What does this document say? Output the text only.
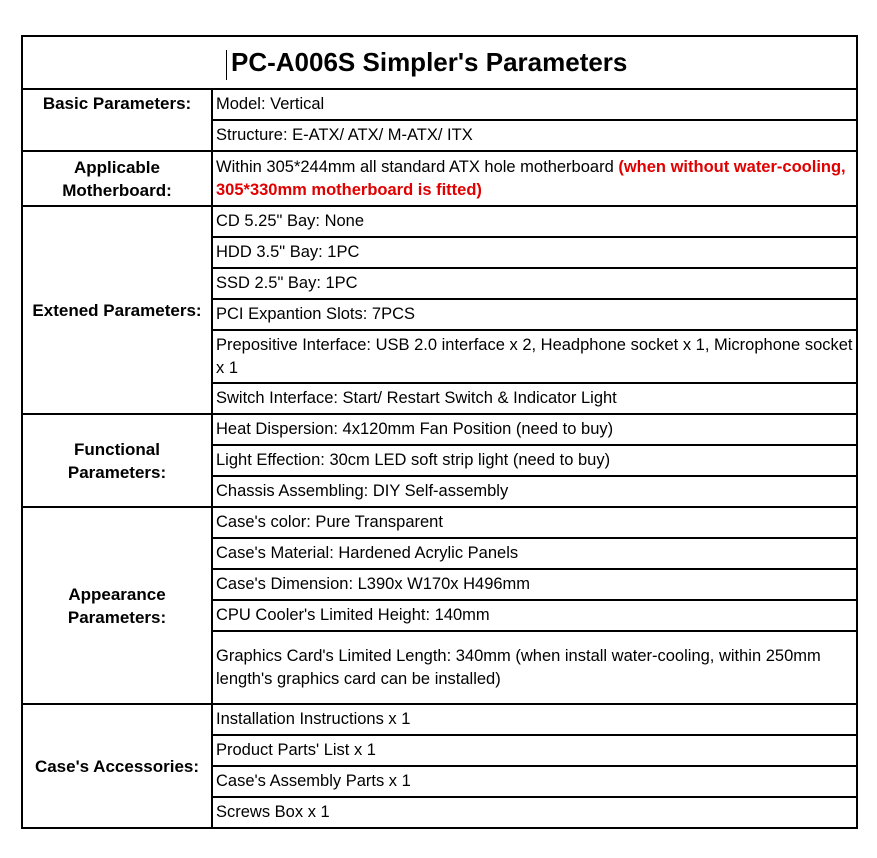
PC-A006S Simpler's Parameters	
Basic Parameters:	Model: Vertical
	Structure: E-ATX/ ATX/ M-ATX/ ITX
Applicable Motherboard:	Within 305*244mm all standard ATX hole motherboard (when without water-cooling, 305*330mm motherboard is fitted)
Extened Parameters:	CD 5.25" Bay: None
	HDD 3.5" Bay: 1PC
	SSD 2.5" Bay: 1PC
	PCI Expantion Slots: 7PCS
	Prepositive Interface: USB 2.0 interface x 2, Headphone socket x 1, Microphone socket x 1
	Switch Interface: Start/ Restart Switch & Indicator Light
Functional Parameters:	Heat Dispersion: 4x120mm Fan Position (need to buy)
	Light Effection: 30cm LED soft strip light (need to buy)
	Chassis Assembling: DIY Self-assembly
Appearance Parameters:	Case's color: Pure Transparent
	Case's Material: Hardened Acrylic Panels
	Case's Dimension: L390x W170x H496mm
	CPU Cooler's Limited Height: 140mm
	Graphics Card's Limited Length: 340mm (when install water-cooling, within 250mm length's graphics card can be installed)
Case's Accessories:	Installation Instructions x 1
	Product Parts' List x 1
	Case's Assembly Parts x 1
	Screws Box x 1
